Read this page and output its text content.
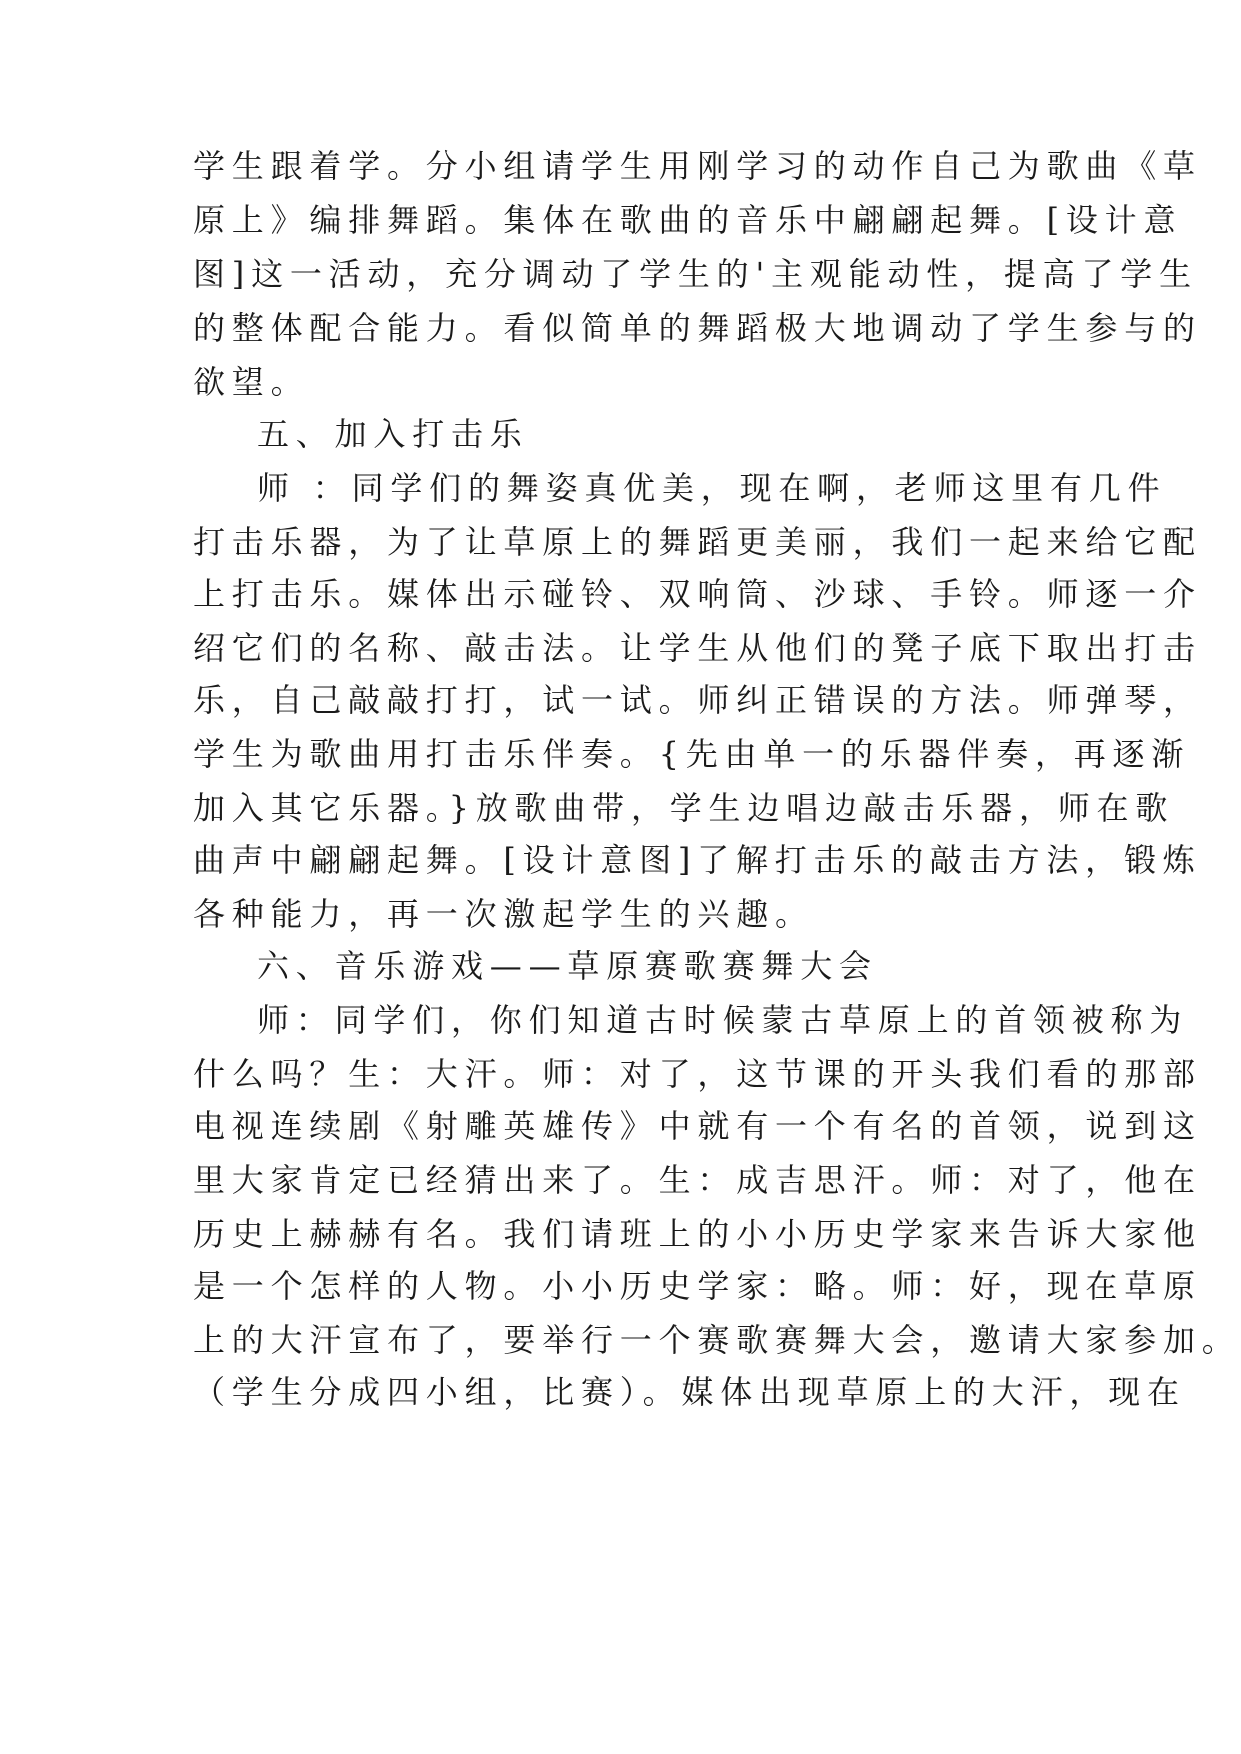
学生跟着学。分小组请学生用刚学习的动作自己为歌曲《草

原上》编排舞蹈。集体在歌曲的音乐中翩翩起舞。[设计意

图]这一活动，充分调动了学生的'主观能动性，提高了学生

的整体配合能力。看似简单的舞蹈极大地调动了学生参与的

欲望。

五、加入打击乐

师 ：同学们的舞姿真优美，现在啊，老师这里有几件

打击乐器，为了让草原上的舞蹈更美丽，我们一起来给它配

上打击乐。媒体出示碰铃、双响筒、沙球、手铃。师逐一介

绍它们的名称、敲击法。让学生从他们的凳子底下取出打击

乐，自己敲敲打打，试一试。师纠正错误的方法。师弹琴，

学生为歌曲用打击乐伴奏。{先由单一的乐器伴奏，再逐渐

加入其它乐器。}放歌曲带，学生边唱边敲击乐器，师在歌

曲声中翩翩起舞。[设计意图]了解打击乐的敲击方法，锻炼

各种能力，再一次激起学生的兴趣。

六、音乐游戏——草原赛歌赛舞大会

师：同学们，你们知道古时候蒙古草原上的首领被称为

什么吗？生：大汗。师：对了，这节课的开头我们看的那部

电视连续剧《射雕英雄传》中就有一个有名的首领，说到这

里大家肯定已经猜出来了。生：成吉思汗。师：对了，他在

历史上赫赫有名。我们请班上的小小历史学家来告诉大家他

是一个怎样的人物。小小历史学家：略。师：好，现在草原

上的大汗宣布了，要举行一个赛歌赛舞大会，邀请大家参加。

（学生分成四小组，比赛）。媒体出现草原上的大汗，现在
